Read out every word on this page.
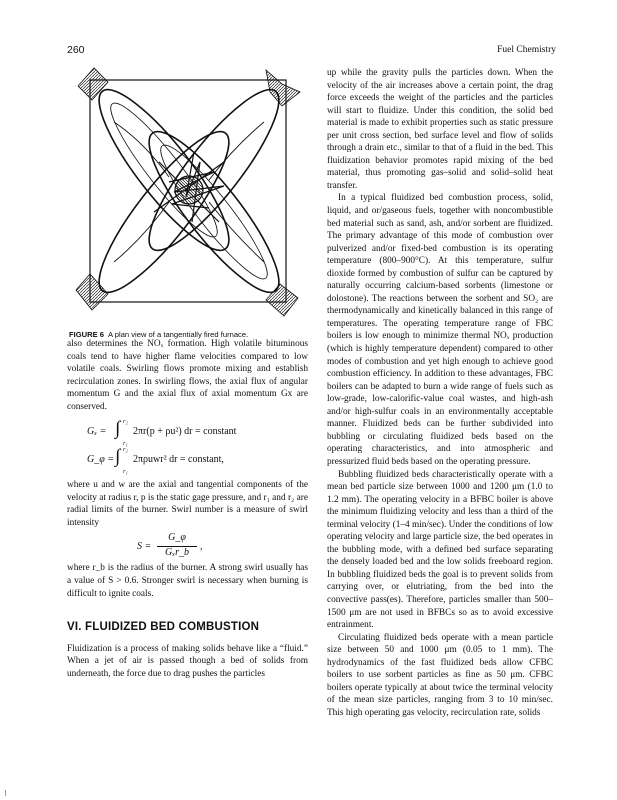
260	Fuel Chemistry
FIGURE 6 A plan view of a tangentially fired furnace.

also determines the NOₓ formation. High volatile bituminous coals tend to have higher flame velocities compared to low volatile coals. Swirling flows promote mixing and establish recirculation zones. In swirling flows, the axial flux of angular momentum G and the axial flux of axial momentum Gx are conserved.

Gₓ = ∫ r₂
r₁
2πr(p + ρu²) dr = constant
G_φ = ∫ r₂
r₁
2πρuwr² dr = constant,

where u and w are the axial and tangential components of the velocity at radius r, p is the static gage pressure, and r₁ and r₂ are radial limits of the burner. Swirl number is a measure of swirl intensity

S =
G_φ
Gₓr_b
,

where r_b is the radius of the burner. A strong swirl usually has a value of S > 0.6. Stronger swirl is necessary when burning is difficult to ignite coals.

VI. FLUIDIZED BED COMBUSTION

Fluidization is a process of making solids behave like a “fluid.” When a jet of air is passed though a bed of solids from underneath, the force due to drag pushes the particles

up while the gravity pulls the particles down. When the velocity of the air increases above a certain point, the drag force exceeds the weight of the particles and the particles will start to fluidize. Under this condition, the solid bed material is made to exhibit properties such as static pressure per unit cross section, bed surface level and flow of solids through a drain etc., similar to that of a fluid in the bed. This fluidization behavior promotes rapid mixing of the bed material, thus promoting gas–solid and solid–solid heat transfer.

In a typical fluidized bed combustion process, solid, liquid, and or/gaseous fuels, together with noncombustible bed material such as sand, ash, and/or sorbent are fluidized. The primary advantage of this mode of combustion over pulverized and/or fixed-bed combustion is its operating temperature (800–900°C). At this temperature, sulfur dioxide formed by combustion of sulfur can be captured by naturally occurring calcium-based sorbents (limestone or dolostone). The reactions between the sorbent and SO₂ are thermodynamically and kinetically balanced in this range of temperatures. The operating temperature range of FBC boilers is low enough to minimize thermal NOₓ production (which is highly temperature dependent) compared to other modes of combustion and yet high enough to achieve good combustion efficiency. In addition to these advantages, FBC boilers can be adapted to burn a wide range of fuels such as low-grade, low-calorific-value coal wastes, and high-ash and/or high-sulfur coals in an environmentally acceptable manner. Fluidized beds can be further subdivided into bubbling or circulating fluidized beds based on the operating characteristics, and into atmospheric and pressurized fluid beds based on the operating pressure.

Bubbling fluidized beds characteristically operate with a mean bed particle size between 1000 and 1200 μm (1.0 to 1.2 mm). The operating velocity in a BFBC boiler is above the minimum fluidizing velocity and less than a third of the terminal velocity (1–4 min/sec). Under the conditions of low operating velocity and large particle size, the bed operates in the bubbling mode, with a defined bed surface separating the densely loaded bed and the low solids freeboard region. In bubbling fluidized beds the goal is to prevent solids from carrying over, or elutriating, from the bed into the convective pass(es). Therefore, particles smaller than 500–1500 μm are not used in BFBCs so as to avoid excessive entrainment.

Circulating fluidized beds operate with a mean particle size between 50 and 1000 μm (0.05 to 1 mm). The hydrodynamics of the fast fluidized beds allow CFBC boilers to use sorbent particles as fine as 50 μm. CFBC boilers operate typically at about twice the terminal velocity of the mean size particles, ranging from 3 to 10 min/sec. This high operating gas velocity, recirculation rate, solids
